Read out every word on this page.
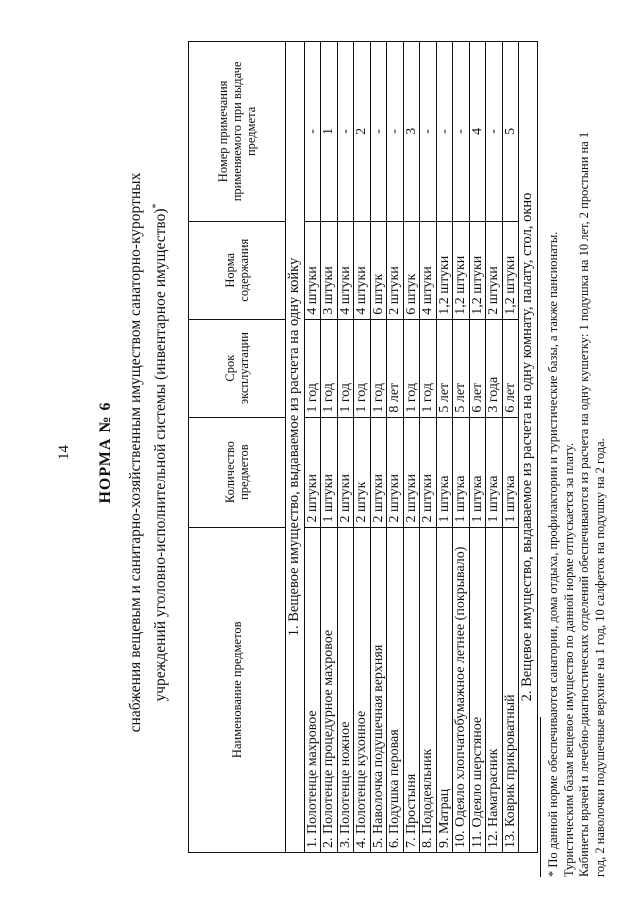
14 НОРМА № 6 снабжения вещевым и санитарно-хозяйственным имуществом санаторно-курортных учреждений уголовно-исполнительной системы (инвентарное имущество)*
Наименование предметов	Количество предметов	Срок эксплуатации	Норма содержания	Номер примечания применяемого при выдаче предмета
1. Вещевое имущество, выдаваемое из расчета на одну койку				
1. Полотенце махровое	2 штуки	1 год	4 штуки	-
2. Полотенце процедурное махровое	1 штуки	1 год	3 штуки	1
3. Полотенце ножное	2 штуки	1 год	4 штуки	-
4. Полотенце кухонное	2 штук	1 год	4 штуки	2
5. Наволочка подушечная верхняя	2 штуки	1 год	6 штук	-
6. Подушка перовая	2 штуки	8 лет	2 штуки	-
7. Простыня	2 штуки	1 год	6 штук	3
8. Пододеяльник	2 штуки	1 год	4 штуки	-
9. Матрац	1 штука	5 лет	1,2 штуки	-
10. Одеяло хлопчатобумажное летнее (покрывало)	1 штука	5 лет	1,2 штуки	-
11. Одеяло шерстяное	1 штука	6 лет	1,2 штуки	4
12. Наматрасник	1 штука	3 года	2 штуки	-
13. Коврик прикроватный	1 штука	6 лет	1,2 штуки	5
2. Вещевое имущество, выдаваемое из расчета на одну комнату, палату, стол, окно				* По данной норме обеспечиваются санатории, дома отдыха, профилактории и туристические базы, а также пансионаты. Туристическим базам вещевое имущество по данной норме отпускается за плату. Кабинеты врачей и лечебно-диагностических отделений обеспечиваются из расчета на одну кушетку: 1 подушка на 10 лет, 2 простыни на 1 год, 2 наволочки подушечные верхние на 1 год, 10 салфеток на подушку на 2 года.
